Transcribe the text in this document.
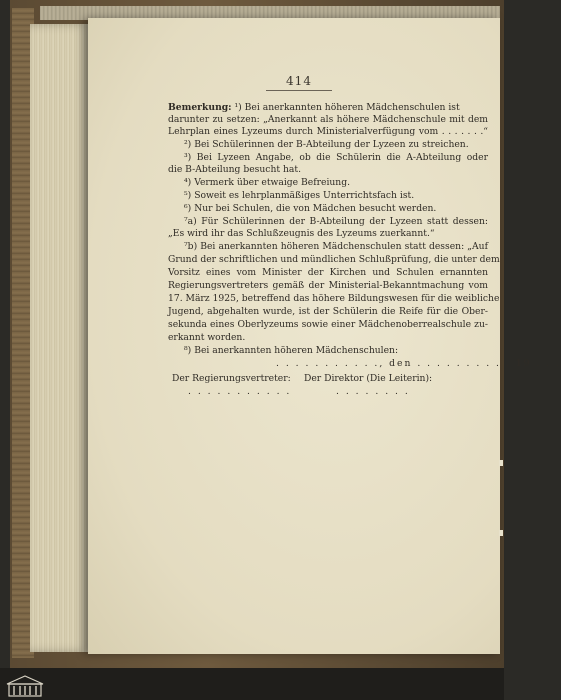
414
Bemerkung: ¹) Bei anerkannten höheren Mädchenschulen ist
darunter zu setzen: „Anerkannt als höhere Mädchenschule mit dem
Lehrplan eines Lyzeums durch Ministerialverfügung vom . . . . . . .“
²) Bei Schülerinnen der B-Abteilung der Lyzeen zu streichen.
³) Bei Lyzeen Angabe, ob die Schülerin die A-Abteilung oder
die B-Abteilung besucht hat.
⁴) Vermerk über etwaige Befreiung.
⁵) Soweit es lehrplanmäßiges Unterrichtsfach ist.
⁶) Nur bei Schulen, die von Mädchen besucht werden.
⁷a) Für Schülerinnen der B-Abteilung der Lyzeen statt dessen:
„Es wird ihr das Schlußzeugnis des Lyzeums zuerkannt.“
⁷b) Bei anerkannten höheren Mädchenschulen statt dessen: „Auf
Grund der schriftlichen und mündlichen Schlußprüfung, die unter dem
Vorsitz eines vom Minister der Kirchen und Schulen ernannten
Regierungsvertreters gemäß der Ministerial-Bekanntmachung vom
17. März 1925, betreffend das höhere Bildungswesen für die weibliche
Jugend, abgehalten wurde, ist der Schülerin die Reife für die Ober-
sekunda eines Oberlyzeums sowie einer Mädchenoberrealschule zu-
erkannt worden.
⁸) Bei anerkannten höheren Mädchenschulen:
. . . . . . . . . . ., den . . . . . . . . . . 19 . . .
Der Regierungsvertreter: Der Direktor (Die Leiterin):
. . . . . . . . . . .	. . . . . . . .
